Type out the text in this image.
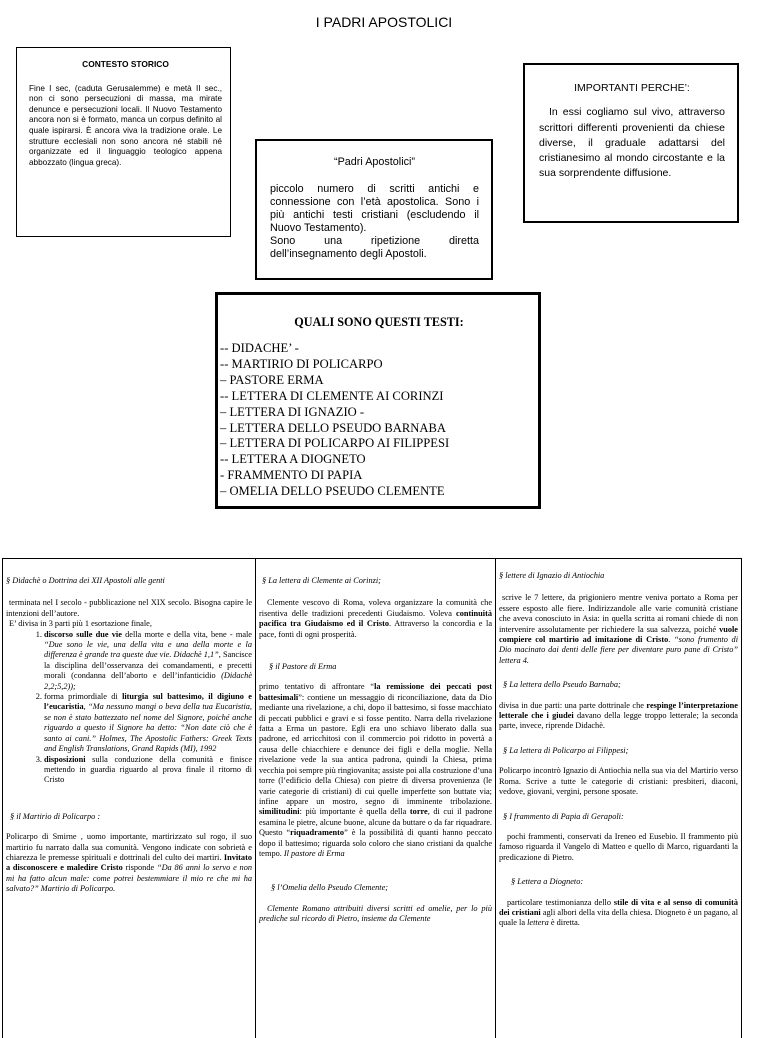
I PADRI APOSTOLICI
CONTESTO STORICO

Fine I sec, (caduta Gerusalemme) e metà II sec., non ci sono persecuzioni di massa, ma mirate denunce e persecuzioni locali. Il Nuovo Testamento ancora non si è formato, manca un corpus definito al quale ispirarsi. È ancora viva la tradizione orale. Le strutture ecclesiali non sono ancora né stabili né organizzate ed il linguaggio teologico appena abbozzato (lingua greca).	“Padri Apostolici”

piccolo numero di scritti antichi e connessione con l’età apostolica. Sono i più antichi testi cristiani (escludendo il Nuovo Testamento).

Sono una ripetizione diretta dell’insegnamento degli Apostoli.

IMPORTANTI PERCHE’:

In essi cogliamo sul vivo, attraverso scrittori differenti provenienti da chiese diverse, il graduale adattarsi del cristianesimo al mondo circostante e la sua sorprendente diffusione.

QUALI SONO QUESTI TESTI:
-- DIDACHE’ -
-- MARTIRIO DI POLICARPO
– PASTORE ERMA
-- LETTERA DI CLEMENTE AI CORINZI
– LETTERA DI IGNAZIO -
– LETTERA DELLO PSEUDO BARNABA
– LETTERA DI POLICARPO AI FILIPPESI
-- LETTERA A DIOGNETO
- FRAMMENTO DI PAPIA
– OMELIA DELLO PSEUDO CLEMENTE

§ Didachè o Dottrina dei XII Apostoli alle genti

terminata nel I secolo - pubblicazione nel XIX secolo. Bisogna capire le intenzioni dell’autore.

E’ divisa in 3 parti più 1 esortazione finale,

1. discorso sulle due vie della morte e della vita, bene - male “Due sono le vie, una della vita e una della morte e la differenza è grande tra queste due vie. Didachè 1,1”, Sancisce la disciplina dell’osservanza dei comandamenti, e precetti morali (condanna dell’aborto e dell’infanticidio (Didachè 2,2;5,2));
2. forma primordiale di liturgia sul battesimo, il digiuno e l’eucaristia, “Ma nessuno mangi o beva della tua Eucaristia, se non è stato battezzato nel nome del Signore, poiché anche riguardo a questo il Signore ha detto: “Non date ciò che è santo ai cani.” Holmes, The Apostolic Fathers: Greek Texts and English Translations, Grand Rapids (MI), 1992
3. disposizioni sulla conduzione della comunità e finisce mettendo in guardia riguardo al prova finale il ritorno di Cristo

§ il Martirio di Policarpo :

Policarpo di Smirne , uomo importante, martirizzato sul rogo, il suo martirio fu narrato dalla sua comunità. Vengono indicate con sobrietà e chiarezza le premesse spirituali e dottrinali del culto dei martiri. Invitato a disconoscere e maledire Cristo risponde “Da 86 anni lo servo e non mi ha fatto alcun male: come potrei bestemmiare il mio re che mi ha salvato?” Martirio di Policarpo.

§ La lettera di Clemente ai Corinzi;

Clemente vescovo di Roma, voleva organizzare la comunità che risentiva delle tradizioni precedenti Giudaismo. Voleva continuità pacifica tra Giudaismo ed il Cristo. Attraverso la concordia e la pace, fonti di ogni prosperità.

§ il Pastore di Erma

primo tentativo di affrontare “la remissione dei peccati post battesimali”: contiene un messaggio di riconciliazione, data da Dio mediante una rivelazione, a chi, dopo il battesimo, si fosse macchiato di peccati pubblici e gravi e si fosse pentito. Narra della rivelazione fatta a Erma un pastore. Egli era uno schiavo liberato dalla sua padrone, ed arricchitosi con il commercio poi ridotto in povertà a causa delle chiacchiere e denunce dei figli e della moglie. Nella rivelazione vede la sua antica padrona, quindi la Chiesa, prima vecchia poi sempre più ringiovanita; assiste poi alla costruzione d’una torre (l’edificio della Chiesa) con pietre di diversa provenienza (le varie categorie di cristiani) di cui quelle imperfette son buttate via; infine appare un mostro, segno di imminente tribolazione. similitudini: più importante è quella della torre, di cui il padrone esamina le pietre, alcune buone, alcune da buttare o da far riquadrare. Questo “riquadramento” è la possibilità di quanti hanno peccato dopo il battesimo; riguarda solo coloro che siano cristiani da qualche tempo. Il pastore di Erma

§ l’Omelia dello Pseudo Clemente;

Clemente Romano attribuiti diversi scritti ed omelie, per lo più prediche sul ricordo di Pietro, insieme da Clemente

§ lettere di Ignazio di Antiochia

scrive le 7 lettere, da prigioniero mentre veniva portato a Roma per essere esposto alle fiere. Indirizzandole alle varie comunità cristiane che aveva conosciuto in Asia: in quella scritta ai romani chiede di non intervenire assolutamente per richiedere la sua salvezza, poiché vuole compiere col martirio ad imitazione di Cristo. “sono frumento di Dio macinato dai denti delle fiere per diventare puro pane di Cristo” lettera 4.

§ La lettera dello Pseudo Barnaba;

divisa in due parti: una parte dottrinale che respinge l’interpretazione letterale che i giudei davano della legge troppo letterale; la seconda parte, invece, riprende Didachè.

§ La lettera di Policarpo ai Filippesi;

Policarpo incontrò Ignazio di Antiochia nella sua via del Martirio verso Roma. Scrive a tutte le categorie di cristiani: presbiteri, diaconi, vedove, giovani, vergini, persone sposate.

§ I frammento di Papia di Gerapoli:

pochi frammenti, conservati da Ireneo ed Eusebio. Il frammento più famoso riguarda il Vangelo di Matteo e quello di Marco, riguardanti la predicazione di Pietro.

§ Lettera a Diogneto:

particolare testimonianza dello stile di vita e al senso di comunità dei cristiani agli albori della vita della chiesa. Diogneto è un pagano, al quale la lettera è diretta.
